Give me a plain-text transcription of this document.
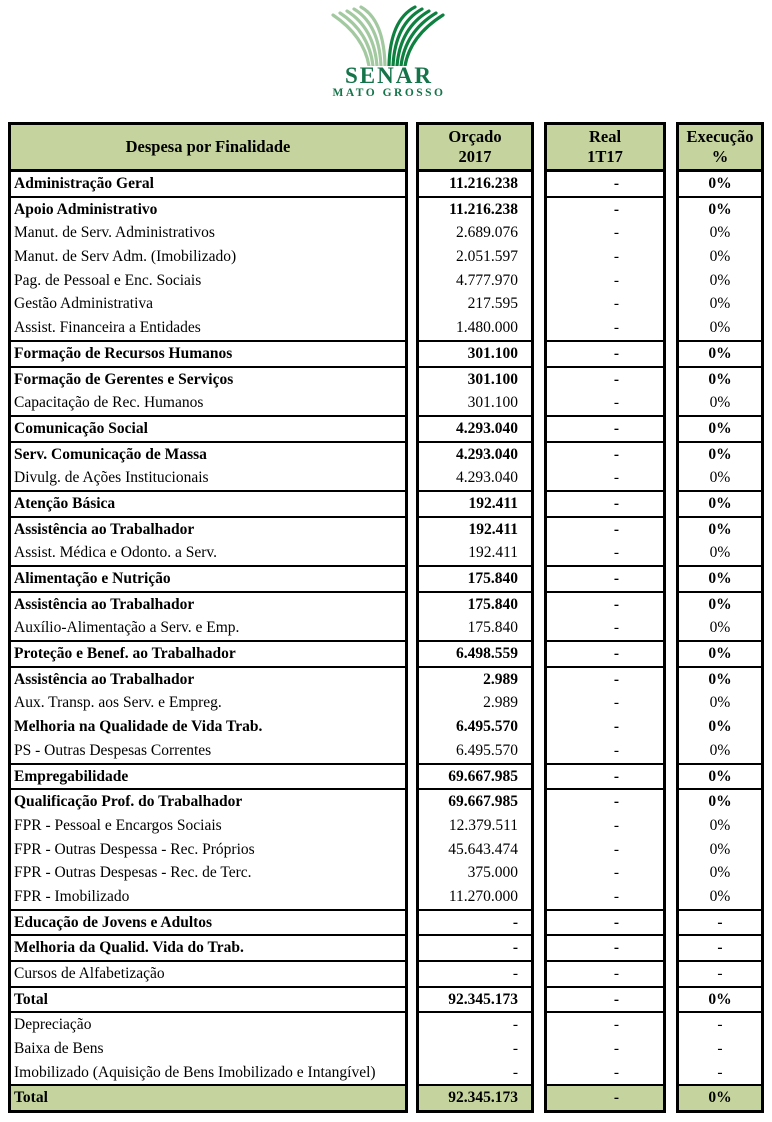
SENAR
MATO GROSSO
Despesa por Finalidade
Administração Geral
Apoio Administrativo
Manut. de Serv. Administrativos
Manut. de Serv Adm. (Imobilizado)
Pag. de Pessoal e Enc. Sociais
Gestão Administrativa
Assist. Financeira a Entidades
Formação de Recursos Humanos
Formação de Gerentes e Serviços
Capacitação de Rec. Humanos
Comunicação Social
Serv. Comunicação de Massa
Divulg. de Ações Institucionais
Atenção Básica
Assistência ao Trabalhador
Assist. Médica e Odonto. a Serv.
Alimentação e Nutrição
Assistência ao Trabalhador
Auxílio-Alimentação a Serv. e Emp.
Proteção e Benef. ao Trabalhador
Assistência ao Trabalhador
Aux. Transp. aos Serv. e Empreg.
Melhoria na Qualidade de Vida Trab.
PS - Outras Despesas Correntes
Empregabilidade
Qualificação Prof. do Trabalhador
FPR - Pessoal e Encargos Sociais
FPR - Outras Despessa - Rec. Próprios
FPR - Outras Despesas - Rec. de Terc.
FPR - Imobilizado
Educação de Jovens e Adultos
Melhoria da Qualid. Vida do Trab.
Cursos de Alfabetização
Total
Depreciação
Baixa de Bens
Imobilizado (Aquisição de Bens Imobilizado e Intangível)
Total
Orçado
2017
11.216.238
11.216.238
2.689.076
2.051.597
4.777.970
217.595
1.480.000
301.100
301.100
301.100
4.293.040
4.293.040
4.293.040
192.411
192.411
192.411
175.840
175.840
175.840
6.498.559
2.989
2.989
6.495.570
6.495.570
69.667.985
69.667.985
12.379.511
45.643.474
375.000
11.270.000
-
-
-
92.345.173
-
-
-
92.345.173
Real
1T17
-
-
-
-
-
-
-
-
-
-
-
-
-
-
-
-
-
-
-
-
-
-
-
-
-
-
-
-
-
-
-
-
-
-
-
-
-
-
Execução
%
0%
0%
0%
0%
0%
0%
0%
0%
0%
0%
0%
0%
0%
0%
0%
0%
0%
0%
0%
0%
0%
0%
0%
0%
0%
0%
0%
0%
0%
0%
-
-
-
0%
-
-
-
0%
